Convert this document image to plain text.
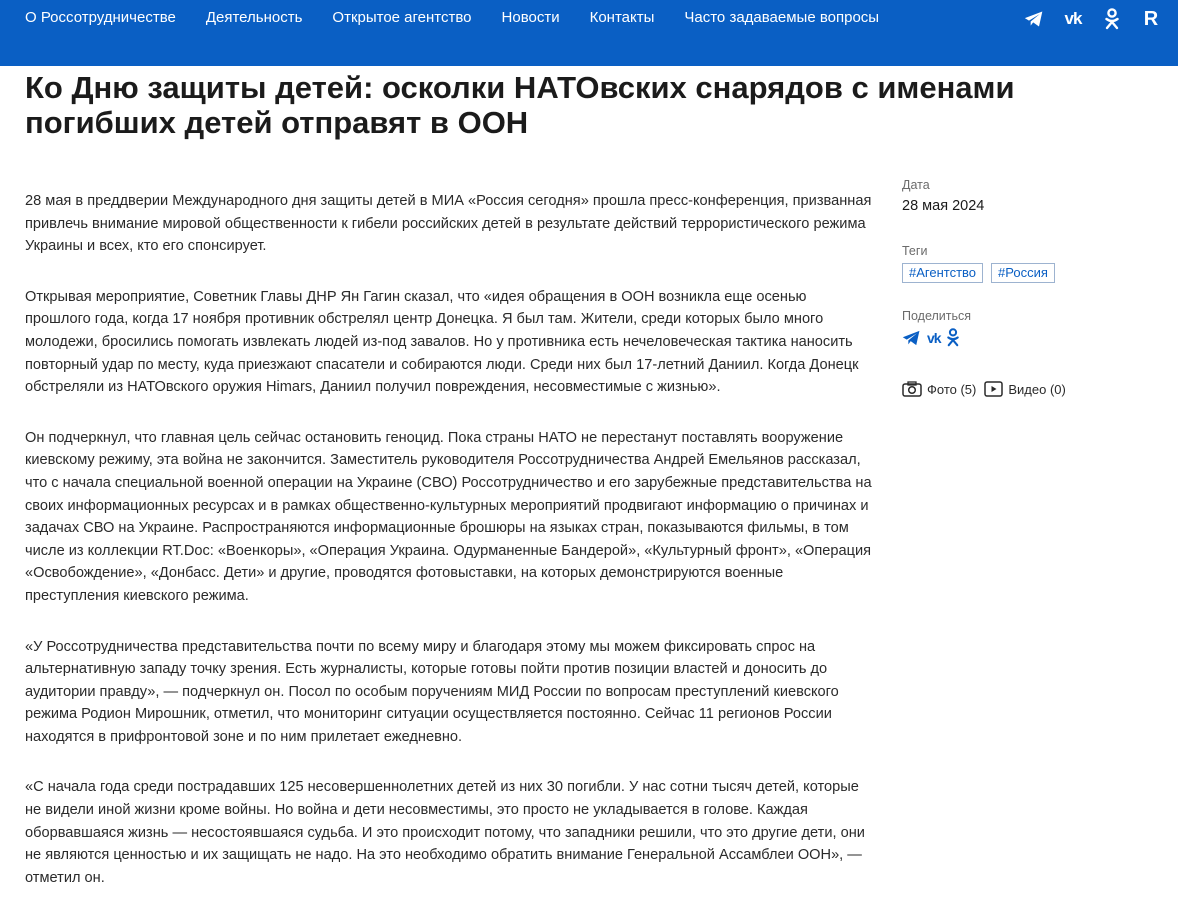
О Россотрудничестве Деятельность Открытое агентство Новости Контакты Часто задаваемые вопросы	vk	R
Ко Дню защиты детей: осколки НАТОвских снарядов с именами погибших детей отправят в ООН

28 мая в преддверии Международного дня защиты детей в МИА «Россия сегодня» прошла пресс-конференция, призванная привлечь внимание мировой общественности к гибели российских детей в результате действий террористического режима Украины и всех, кто его спонсирует.

Открывая мероприятие, Советник Главы ДНР Ян Гагин сказал, что «идея обращения в ООН возникла еще осенью прошлого года, когда 17 ноября противник обстрелял центр Донецка. Я был там. Жители, среди которых было много молодежи, бросились помогать извлекать людей из-под завалов. Но у противника есть нечеловеческая тактика наносить повторный удар по месту, куда приезжают спасатели и собираются люди. Среди них был 17-летний Даниил. Когда Донецк обстреляли из НАТОвского оружия Himars, Даниил получил повреждения, несовместимые с жизнью».

Он подчеркнул, что главная цель сейчас остановить геноцид. Пока страны НАТО не перестанут поставлять вооружение киевскому режиму, эта война не закончится. Заместитель руководителя Россотрудничества Андрей Емельянов рассказал, что с начала специальной военной операции на Украине (СВО) Россотрудничество и его зарубежные представительства на своих информационных ресурсах и в рамках общественно-культурных мероприятий продвигают информацию о причинах и задачах СВО на Украине. Распространяются информационные брошюры на языках стран, показываются фильмы, в том числе из коллекции RT.Doc: «Военкоры», «Операция Украина. Одурманенные Бандерой», «Культурный фронт», «Операция «Освобождение», «Донбасс. Дети» и другие, проводятся фотовыставки, на которых демонстрируются военные преступления киевского режима.

«У Россотрудничества представительства почти по всему миру и благодаря этому мы можем фиксировать спрос на альтернативную западу точку зрения. Есть журналисты, которые готовы пойти против позиции властей и доносить до аудитории правду», — подчеркнул он. Посол по особым поручениям МИД России по вопросам преступлений киевского режима Родион Мирошник, отметил, что мониторинг ситуации осуществляется постоянно. Сейчас 11 регионов России находятся в прифронтовой зоне и по ним прилетает ежедневно.

«С начала года среди пострадавших 125 несовершеннолетних детей из них 30 погибли. У нас сотни тысяч детей, которые не видели иной жизни кроме войны. Но война и дети несовместимы, это просто не укладывается в голове. Каждая оборвавшаяся жизнь — несостоявшаяся судьба. И это происходит потому, что западники решили, что это другие дети, они не являются ценностью и их защищать не надо. На это необходимо обратить внимание Генеральной Ассамблеи ООН», — отметил он.

Дата

28 мая 2024

Теги

#Агентство	#Россия

Поделиться

vk
Фото (5) Видео (0)
